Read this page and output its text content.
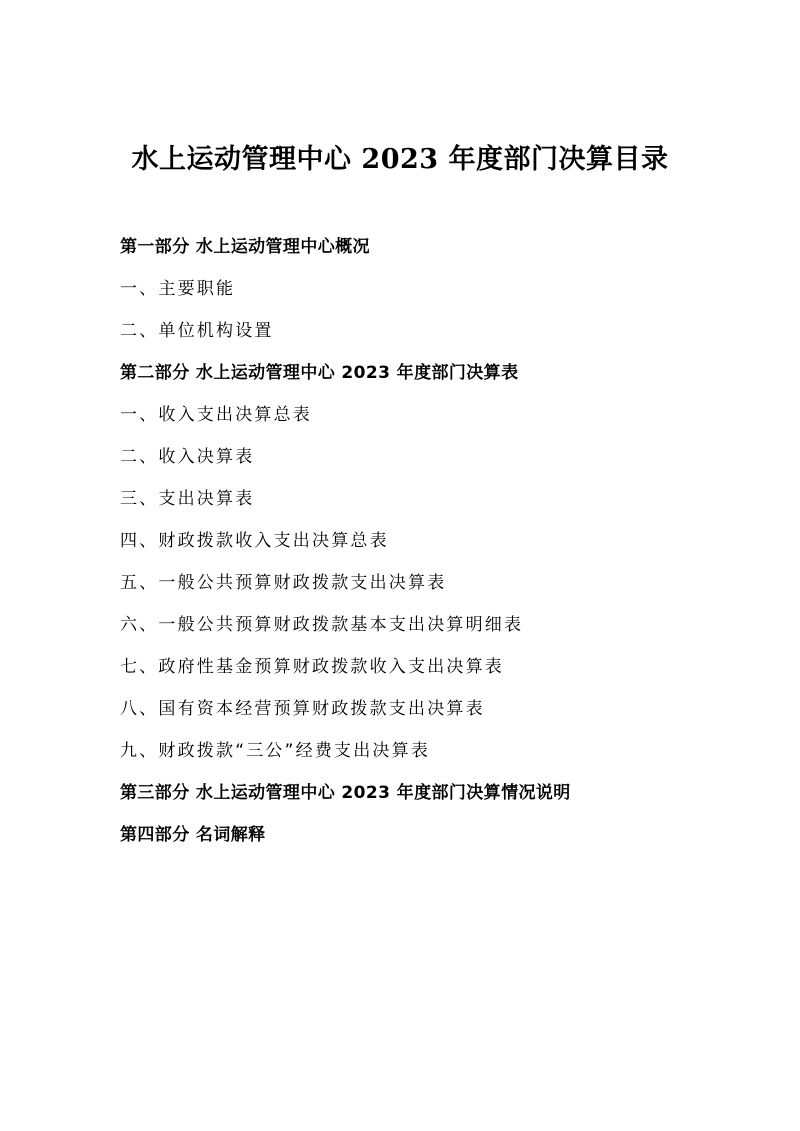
水上运动管理中心 2023 年度部门决算目录
第一部分 水上运动管理中心概况
一、主要职能
二、单位机构设置
第二部分 水上运动管理中心 2023 年度部门决算表
一、收入支出决算总表
二、收入决算表
三、支出决算表
四、财政拨款收入支出决算总表
五、一般公共预算财政拨款支出决算表
六、一般公共预算财政拨款基本支出决算明细表
七、政府性基金预算财政拨款收入支出决算表
八、国有资本经营预算财政拨款支出决算表
九、财政拨款“三公”经费支出决算表
第三部分 水上运动管理中心 2023 年度部门决算情况说明
第四部分 名词解释
